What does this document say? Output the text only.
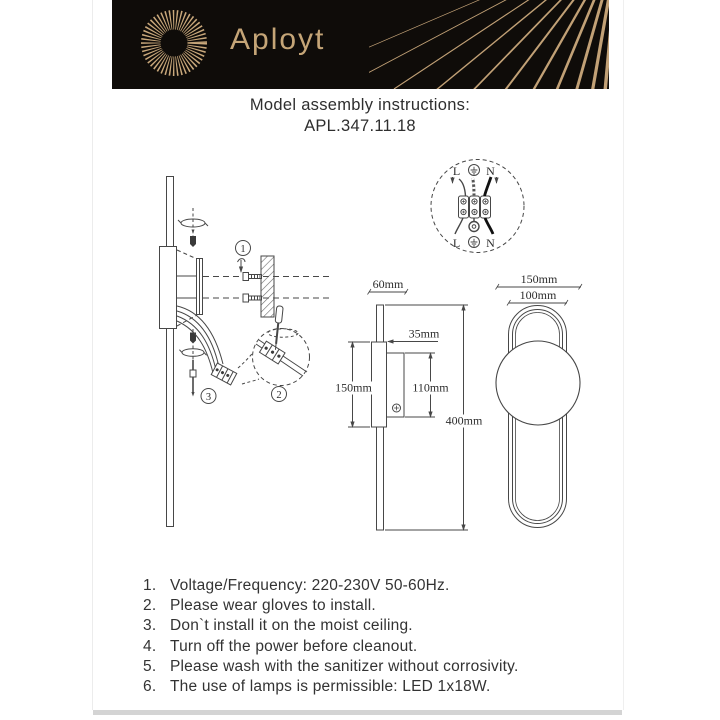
Aployt
Model assembly instructions:
APL.347.11.18
1
3	2
L N
L N
60mm
35mm
150mm	110mm
400mm
150mm
100mm
1. Voltage/Frequency: 220-230V 50-60Hz.
2. Please wear gloves to install.
3. Don`t install it on the moist ceiling.
4. Turn off the power before cleanout.
5. Please wash with the sanitizer without corrosivity.
6. The use of lamps is permissible: LED 1x18W.
